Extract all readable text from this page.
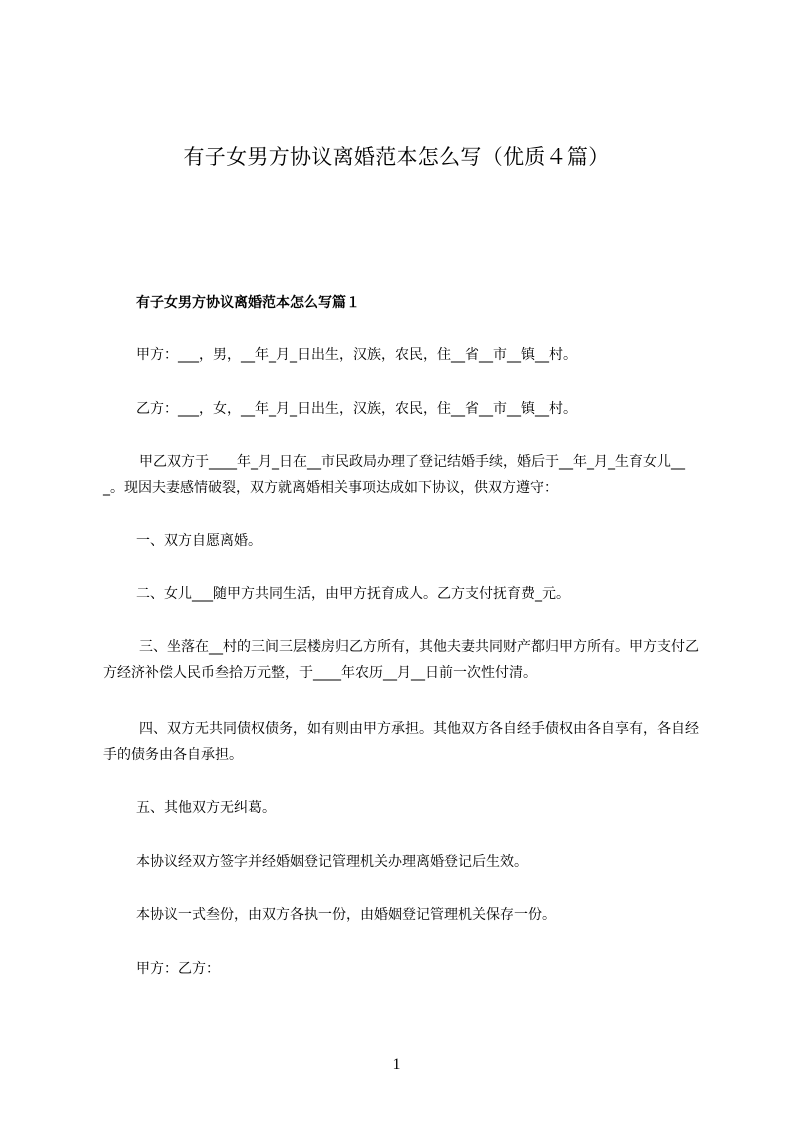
有子女男方协议离婚范本怎么写（优质４篇）

有子女男方协议离婚范本怎么写篇１

甲方：___，男，__年_月_日出生，汉族，农民，住__省__市__镇__村。

乙方：___，女，__年_月_日出生，汉族，农民，住__省__市__镇__村。

甲乙双方于____年_月_日在__市民政局办理了登记结婚手续，婚后于__年_月_生育女儿___。现因夫妻感情破裂，双方就离婚相关事项达成如下协议，供双方遵守：

一、双方自愿离婚。

二、女儿___随甲方共同生活，由甲方抚育成人。乙方支付抚育费_元。

三、坐落在__村的三间三层楼房归乙方所有，其他夫妻共同财产都归甲方所有。甲方支付乙方经济补偿人民币叁拾万元整，于____年农历__月__日前一次性付清。

四、双方无共同债权债务，如有则由甲方承担。其他双方各自经手债权由各自享有，各自经手的债务由各自承担。

五、其他双方无纠葛。

本协议经双方签字并经婚姻登记管理机关办理离婚登记后生效。

本协议一式叁份，由双方各执一份，由婚姻登记管理机关保存一份。

甲方：乙方：

1
